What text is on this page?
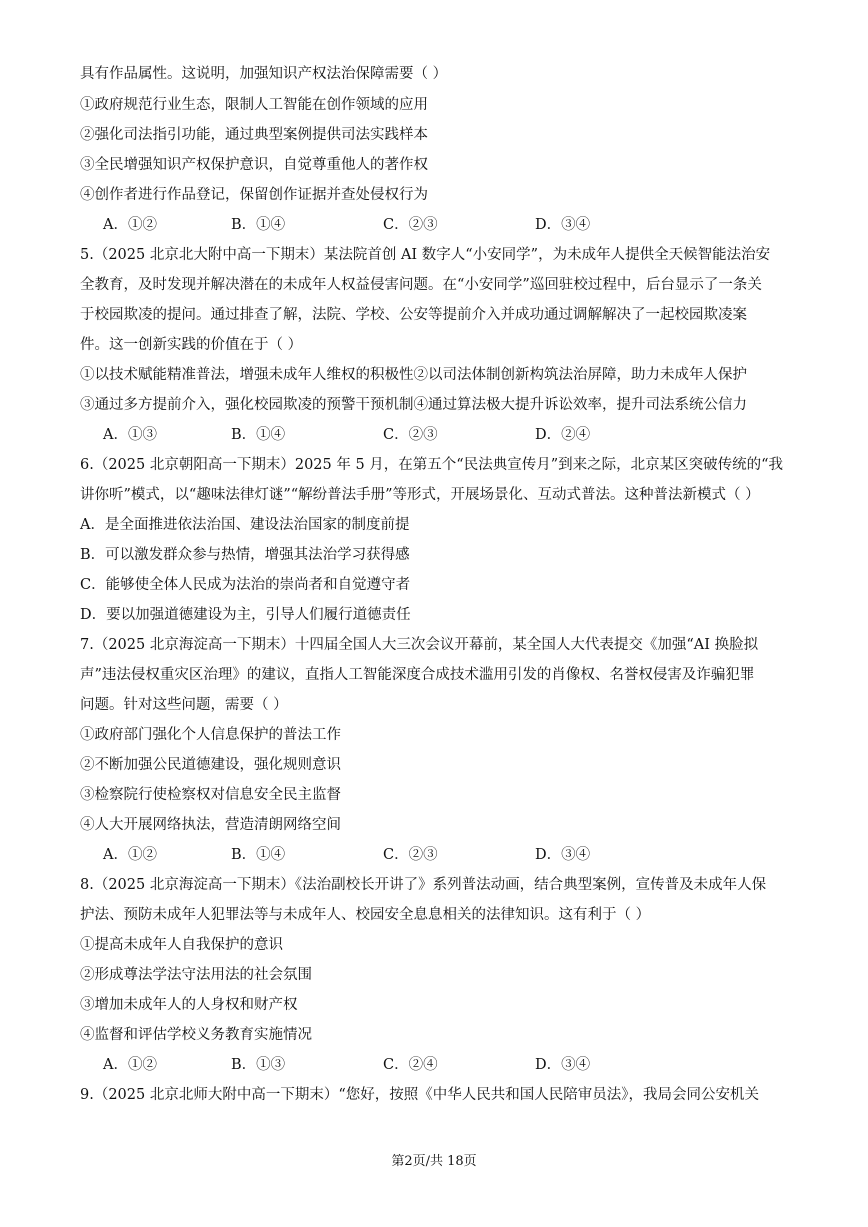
具有作品属性。这说明，加强知识产权法治保障需要（ ）
①政府规范行业生态，限制人工智能在创作领域的应用
②强化司法指引功能，通过典型案例提供司法实践样本
③全民增强知识产权保护意识，自觉尊重他人的著作权
④创作者进行作品登记，保留创作证据并查处侵权行为
A．①②	B．①④	C．②③	D．③④
5.（2025 北京北大附中高一下期末）某法院首创 AI 数字人“小安同学”，为未成年人提供全天候智能法治安
全教育，及时发现并解决潜在的未成年人权益侵害问题。在“小安同学”巡回驻校过程中，后台显示了一条关
于校园欺凌的提问。通过排查了解，法院、学校、公安等提前介入并成功通过调解解决了一起校园欺凌案
件。这一创新实践的价值在于（ ）
①以技术赋能精准普法，增强未成年人维权的积极性②以司法体制创新构筑法治屏障，助力未成年人保护
③通过多方提前介入，强化校园欺凌的预警干预机制④通过算法极大提升诉讼效率，提升司法系统公信力
A．①③	B．①④	C．②③	D．②④
6.（2025 北京朝阳高一下期末）2025 年 5 月，在第五个“民法典宣传月”到来之际，北京某区突破传统的“我
讲你听”模式，以“趣味法律灯谜”“解纷普法手册”等形式，开展场景化、互动式普法。这种普法新模式（ ）
A．是全面推进依法治国、建设法治国家的制度前提
B．可以激发群众参与热情，增强其法治学习获得感
C．能够使全体人民成为法治的崇尚者和自觉遵守者
D．要以加强道德建设为主，引导人们履行道德责任
7.（2025 北京海淀高一下期末）十四届全国人大三次会议开幕前，某全国人大代表提交《加强“AI 换脸拟
声”违法侵权重灾区治理》的建议，直指人工智能深度合成技术滥用引发的肖像权、名誉权侵害及诈骗犯罪
问题。针对这些问题，需要（ ）
①政府部门强化个人信息保护的普法工作
②不断加强公民道德建设，强化规则意识
③检察院行使检察权对信息安全民主监督
④人大开展网络执法，营造清朗网络空间
A．①②	B．①④	C．②③	D．③④
8.（2025 北京海淀高一下期末）《法治副校长开讲了》系列普法动画，结合典型案例，宣传普及未成年人保
护法、预防未成年人犯罪法等与未成年人、校园安全息息相关的法律知识。这有利于（ ）
①提高未成年人自我保护的意识
②形成尊法学法守法用法的社会氛围
③增加未成年人的人身权和财产权
④监督和评估学校义务教育实施情况
A．①②	B．①③	C．②④	D．③④
9.（2025 北京北师大附中高一下期末）“您好，按照《中华人民共和国人民陪审员法》，我局会同公安机关
第2页/共 18页
